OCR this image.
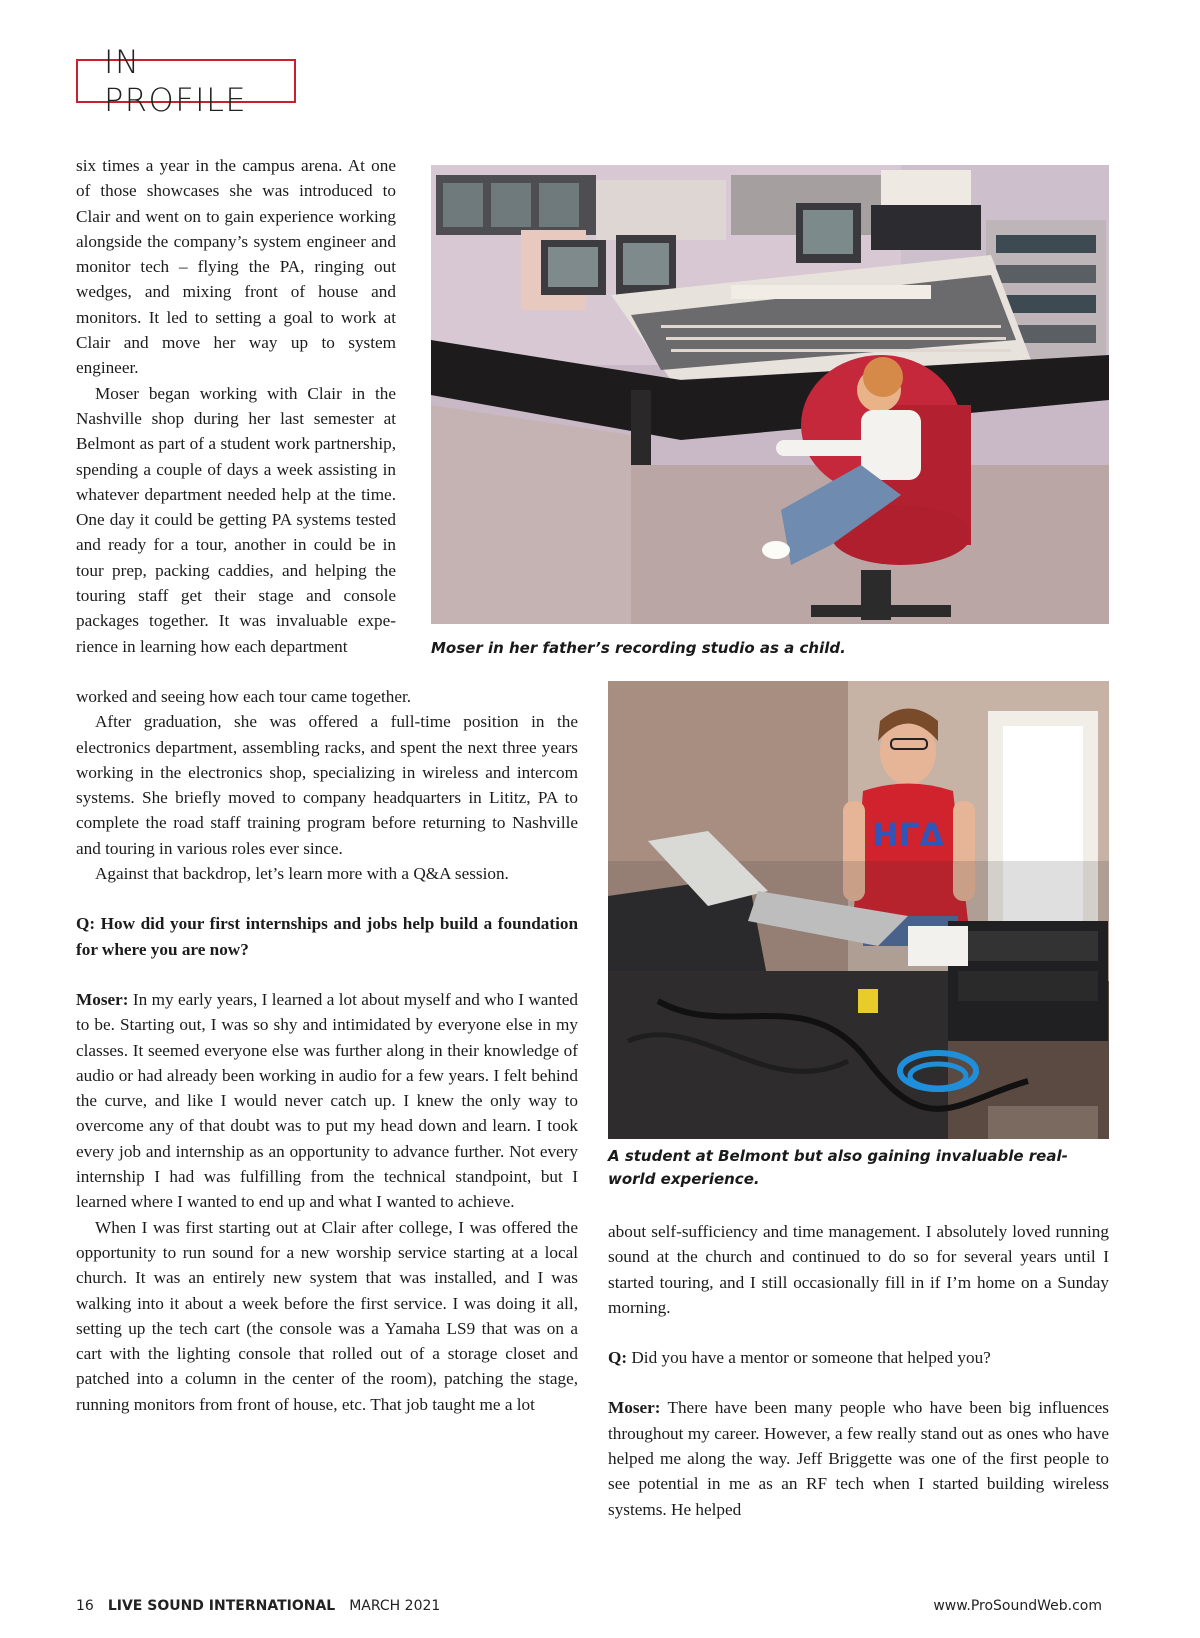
IN PROFILE

six times a year in the campus arena. At one of those showcases she was introduced to Clair and went on to gain experience working alongside the company’s system engineer and monitor tech – flying the PA, ringing out wedges, and mixing front of house and monitors. It led to setting a goal to work at Clair and move her way up to system engineer.

Moser began working with Clair in the Nashville shop during her last semester at Belmont as part of a student work partnership, spending a couple of days a week assisting in whatever department needed help at the time. One day it could be getting PA systems tested and ready for a tour, another in could be in tour prep, packing caddies, and helping the touring staff get their stage and console packages together. It was invaluable expe- rience in learning how each department

worked and seeing how each tour came together.

After graduation, she was offered a full-time position in the electronics department, assembling racks, and spent the next three years working in the electronics shop, specializing in wireless and intercom systems. She briefly moved to company headquarters in Lititz, PA to complete the road staff training program before returning to Nashville and touring in various roles ever since.

Against that backdrop, let’s learn more with a Q&A session.

Q: How did your first internships and jobs help build a foundation for where you are now?

Moser: In my early years, I learned a lot about myself and who I wanted to be. Starting out, I was so shy and intimidated by everyone else in my classes. It seemed everyone else was further along in their knowledge of audio or had already been working in audio for a few years. I felt behind the curve, and like I would never catch up. I knew the only way to overcome any of that doubt was to put my head down and learn. I took every job and internship as an opportunity to advance further. Not every internship I had was fulfilling from the technical standpoint, but I learned where I wanted to end up and what I wanted to achieve.

When I was first starting out at Clair after college, I was offered the opportunity to run sound for a new worship service starting at a local church. It was an entirely new system that was installed, and I was walking into it about a week before the first service. I was doing it all, setting up the tech cart (the console was a Yamaha LS9 that was on a cart with the lighting console that rolled out of a storage closet and patched into a column in the center of the room), patching the stage, running monitors from front of house, etc. That job taught me a lot

Moser in her father’s recording studio as a child.
ΗΓΔ
A student at Belmont but also gaining invaluable real-world experience.

about self-sufficiency and time management. I absolutely loved running sound at the church and continued to do so for several years until I started touring, and I still occasionally fill in if I’m home on a Sunday morning.

Q: Did you have a mentor or someone that helped you?

Moser: There have been many people who have been big influences throughout my career. However, a few really stand out as ones who have helped me along the way. Jeff Briggette was one of the first people to see potential in me as an RF tech when I started building wireless systems. He helped

16 LIVE SOUND INTERNATIONAL MARCH 2021	www.ProSoundWeb.com
